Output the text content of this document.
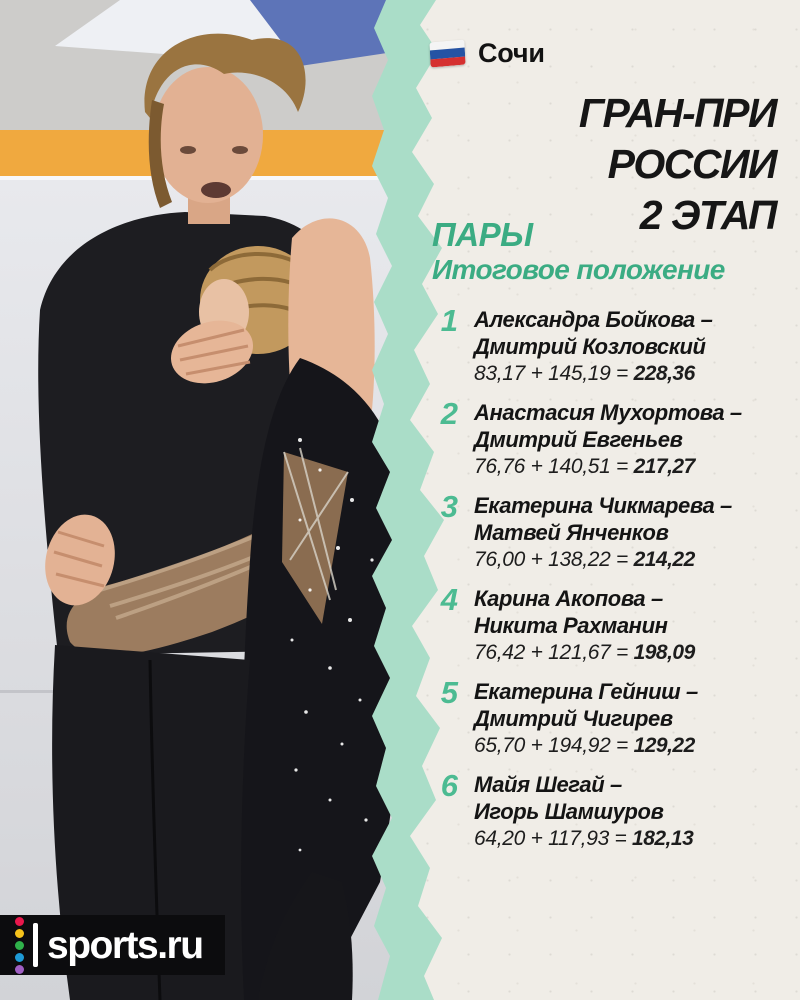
Сочи
ГРАН-ПРИ РОССИИ
2 ЭТАП
ПАРЫ
Итоговое положение
1 Александра Бойкова –
Дмитрий Козловский
83,17 + 145,19 = 228,36
2 Анастасия Мухортова –
Дмитрий Евгеньев
76,76 + 140,51 = 217,27
3 Екатерина Чикмарева –
Матвей Янченков
76,00 + 138,22 = 214,22
4 Карина Акопова –
Никита Рахманин
76,42 + 121,67 = 198,09
5 Екатерина Гейниш –
Дмитрий Чигирев
65,70 + 194,92 = 129,22
6 Майя Шегай –
Игорь Шамшуров
64,20 + 117,93 = 182,13
sports.ru
